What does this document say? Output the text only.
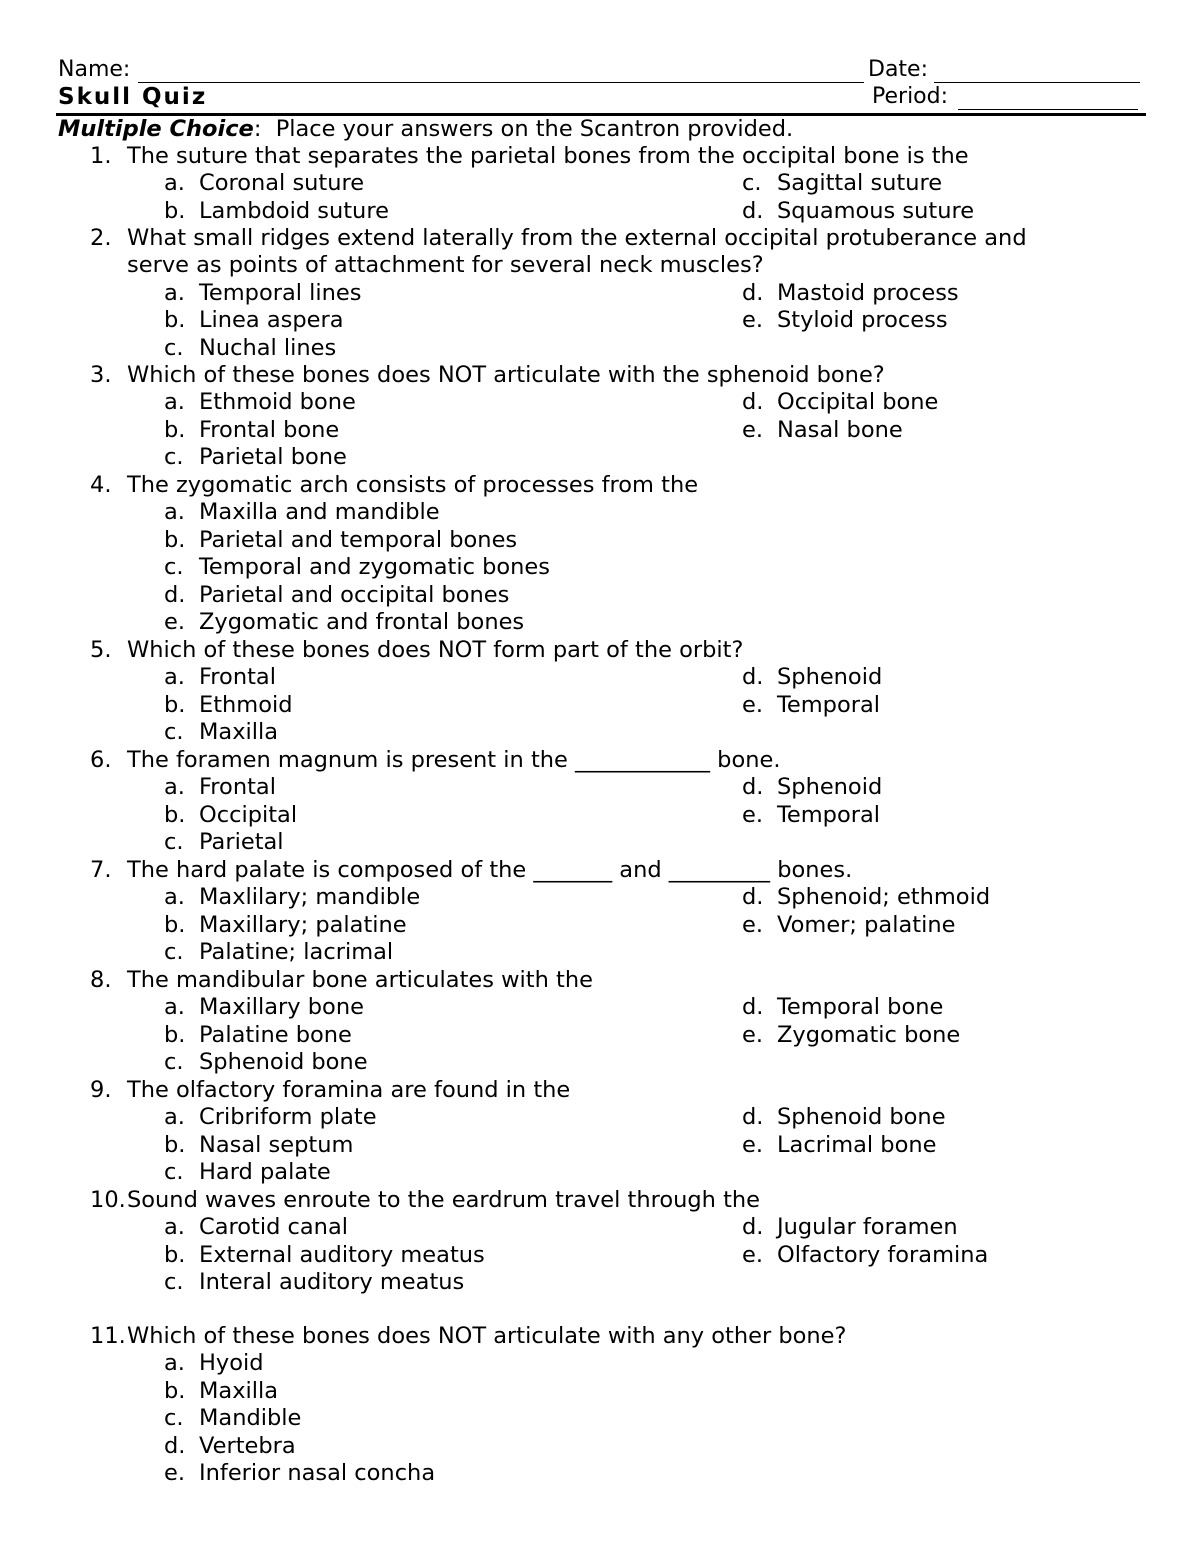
Name:	Date:
Skull Quiz	Period:
Multiple Choice:  Place your answers on the Scantron provided.
1. The suture that separates the parietal bones from the occipital bone is the
a. Coronal suture
b. Lambdoid suture
c. Sagittal suture
d. Squamous suture
2. What small ridges extend laterally from the external occipital protuberance and
serve as points of attachment for several neck muscles?
a. Temporal lines
b. Linea aspera
c. Nuchal lines
d. Mastoid process
e. Styloid process
3. Which of these bones does NOT articulate with the sphenoid bone?
a. Ethmoid bone
b. Frontal bone
c. Parietal bone
d. Occipital bone
e. Nasal bone
4. The zygomatic arch consists of processes from the
a. Maxilla and mandible
b. Parietal and temporal bones
c. Temporal and zygomatic bones
d. Parietal and occipital bones
e. Zygomatic and frontal bones
5. Which of these bones does NOT form part of the orbit?
a. Frontal
b. Ethmoid
c. Maxilla
d. Sphenoid
e. Temporal
6. The foramen magnum is present in the ____________ bone.
a. Frontal
b. Occipital
c. Parietal
d. Sphenoid
e. Temporal
7. The hard palate is composed of the _______ and _________ bones.
a. Maxlilary; mandible
b. Maxillary; palatine
c. Palatine; lacrimal
d. Sphenoid; ethmoid
e. Vomer; palatine
8. The mandibular bone articulates with the
a. Maxillary bone
b. Palatine bone
c. Sphenoid bone
d. Temporal bone
e. Zygomatic bone
9. The olfactory foramina are found in the
a. Cribriform plate
b. Nasal septum
c. Hard palate
d. Sphenoid bone
e. Lacrimal bone
10. Sound waves enroute to the eardrum travel through the
a. Carotid canal
b. External auditory meatus
c. Interal auditory meatus
d. Jugular foramen
e. Olfactory foramina
11. Which of these bones does NOT articulate with any other bone?
a. Hyoid
b. Maxilla
c. Mandible
d. Vertebra
e. Inferior nasal concha
